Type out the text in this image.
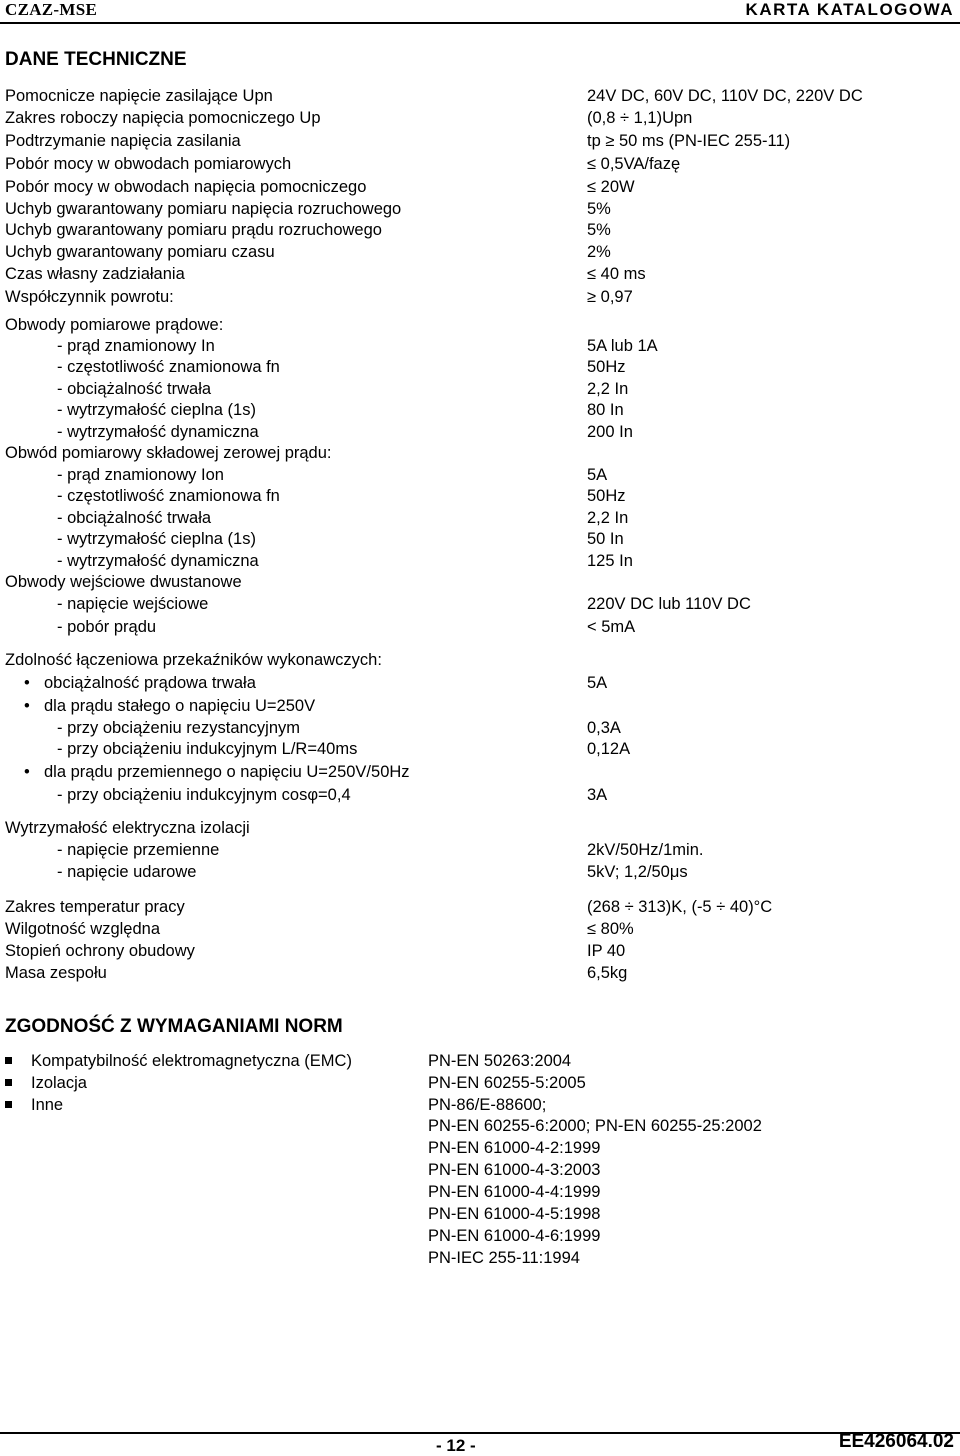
CZAZ-MSE	KARTA KATALOGOWA
DANE TECHNICZNE
Pomocnicze napięcie zasilające Upn	24V DC, 60V DC, 110V DC, 220V DC
Zakres roboczy napięcia pomocniczego Up	(0,8 ÷ 1,1)Upn
Podtrzymanie napięcia zasilania	tp ≥ 50 ms (PN-IEC 255-11)
Pobór mocy w obwodach pomiarowych	≤ 0,5VA/fazę
Pobór mocy w obwodach napięcia pomocniczego	≤ 20W
Uchyb gwarantowany pomiaru napięcia rozruchowego	5%
Uchyb gwarantowany pomiaru prądu rozruchowego	5%
Uchyb gwarantowany pomiaru czasu	2%
Czas własny zadziałania	≤ 40 ms
Współczynnik powrotu:	≥ 0,97
Obwody pomiarowe prądowe:
- prąd znamionowy In	5A lub 1A
- częstotliwość znamionowa fn	50Hz
- obciążalność trwała	2,2 In
- wytrzymałość cieplna (1s)	80 In
- wytrzymałość dynamiczna	200 In
Obwód pomiarowy składowej zerowej prądu:
- prąd znamionowy Ion	5A
- częstotliwość znamionowa fn	50Hz
- obciążalność trwała	2,2 In
- wytrzymałość cieplna (1s)	50 In
- wytrzymałość dynamiczna	125 In
Obwody wejściowe dwustanowe
- napięcie wejściowe	220V DC lub 110V DC
- pobór prądu	< 5mA
Zdolność łączeniowa przekaźników wykonawczych:
• obciążalność prądowa trwała	5A
• dla prądu stałego o napięciu U=250V
- przy obciążeniu rezystancyjnym	0,3A
- przy obciążeniu indukcyjnym L/R=40ms	0,12A
• dla prądu przemiennego o napięciu U=250V/50Hz
- przy obciążeniu indukcyjnym cosφ=0,4	3A
Wytrzymałość elektryczna izolacji
- napięcie przemienne	2kV/50Hz/1min.
- napięcie udarowe	5kV; 1,2/50μs
Zakres temperatur pracy	(268 ÷ 313)K, (-5 ÷ 40)°C
Wilgotność względna	≤ 80%
Stopień ochrony obudowy	IP 40
Masa zespołu	6,5kg
ZGODNOŚĆ Z WYMAGANIAMI NORM
Kompatybilność elektromagnetyczna (EMC)	PN-EN 50263:2004
Izolacja	PN-EN 60255-5:2005
Inne	PN-86/E-88600;
PN-EN 60255-6:2000; PN-EN 60255-25:2002
PN-EN 61000-4-2:1999
PN-EN 61000-4-3:2003
PN-EN 61000-4-4:1999
PN-EN 61000-4-5:1998
PN-EN 61000-4-6:1999
PN-IEC 255-11:1994
- 12 -	EE426064.02
